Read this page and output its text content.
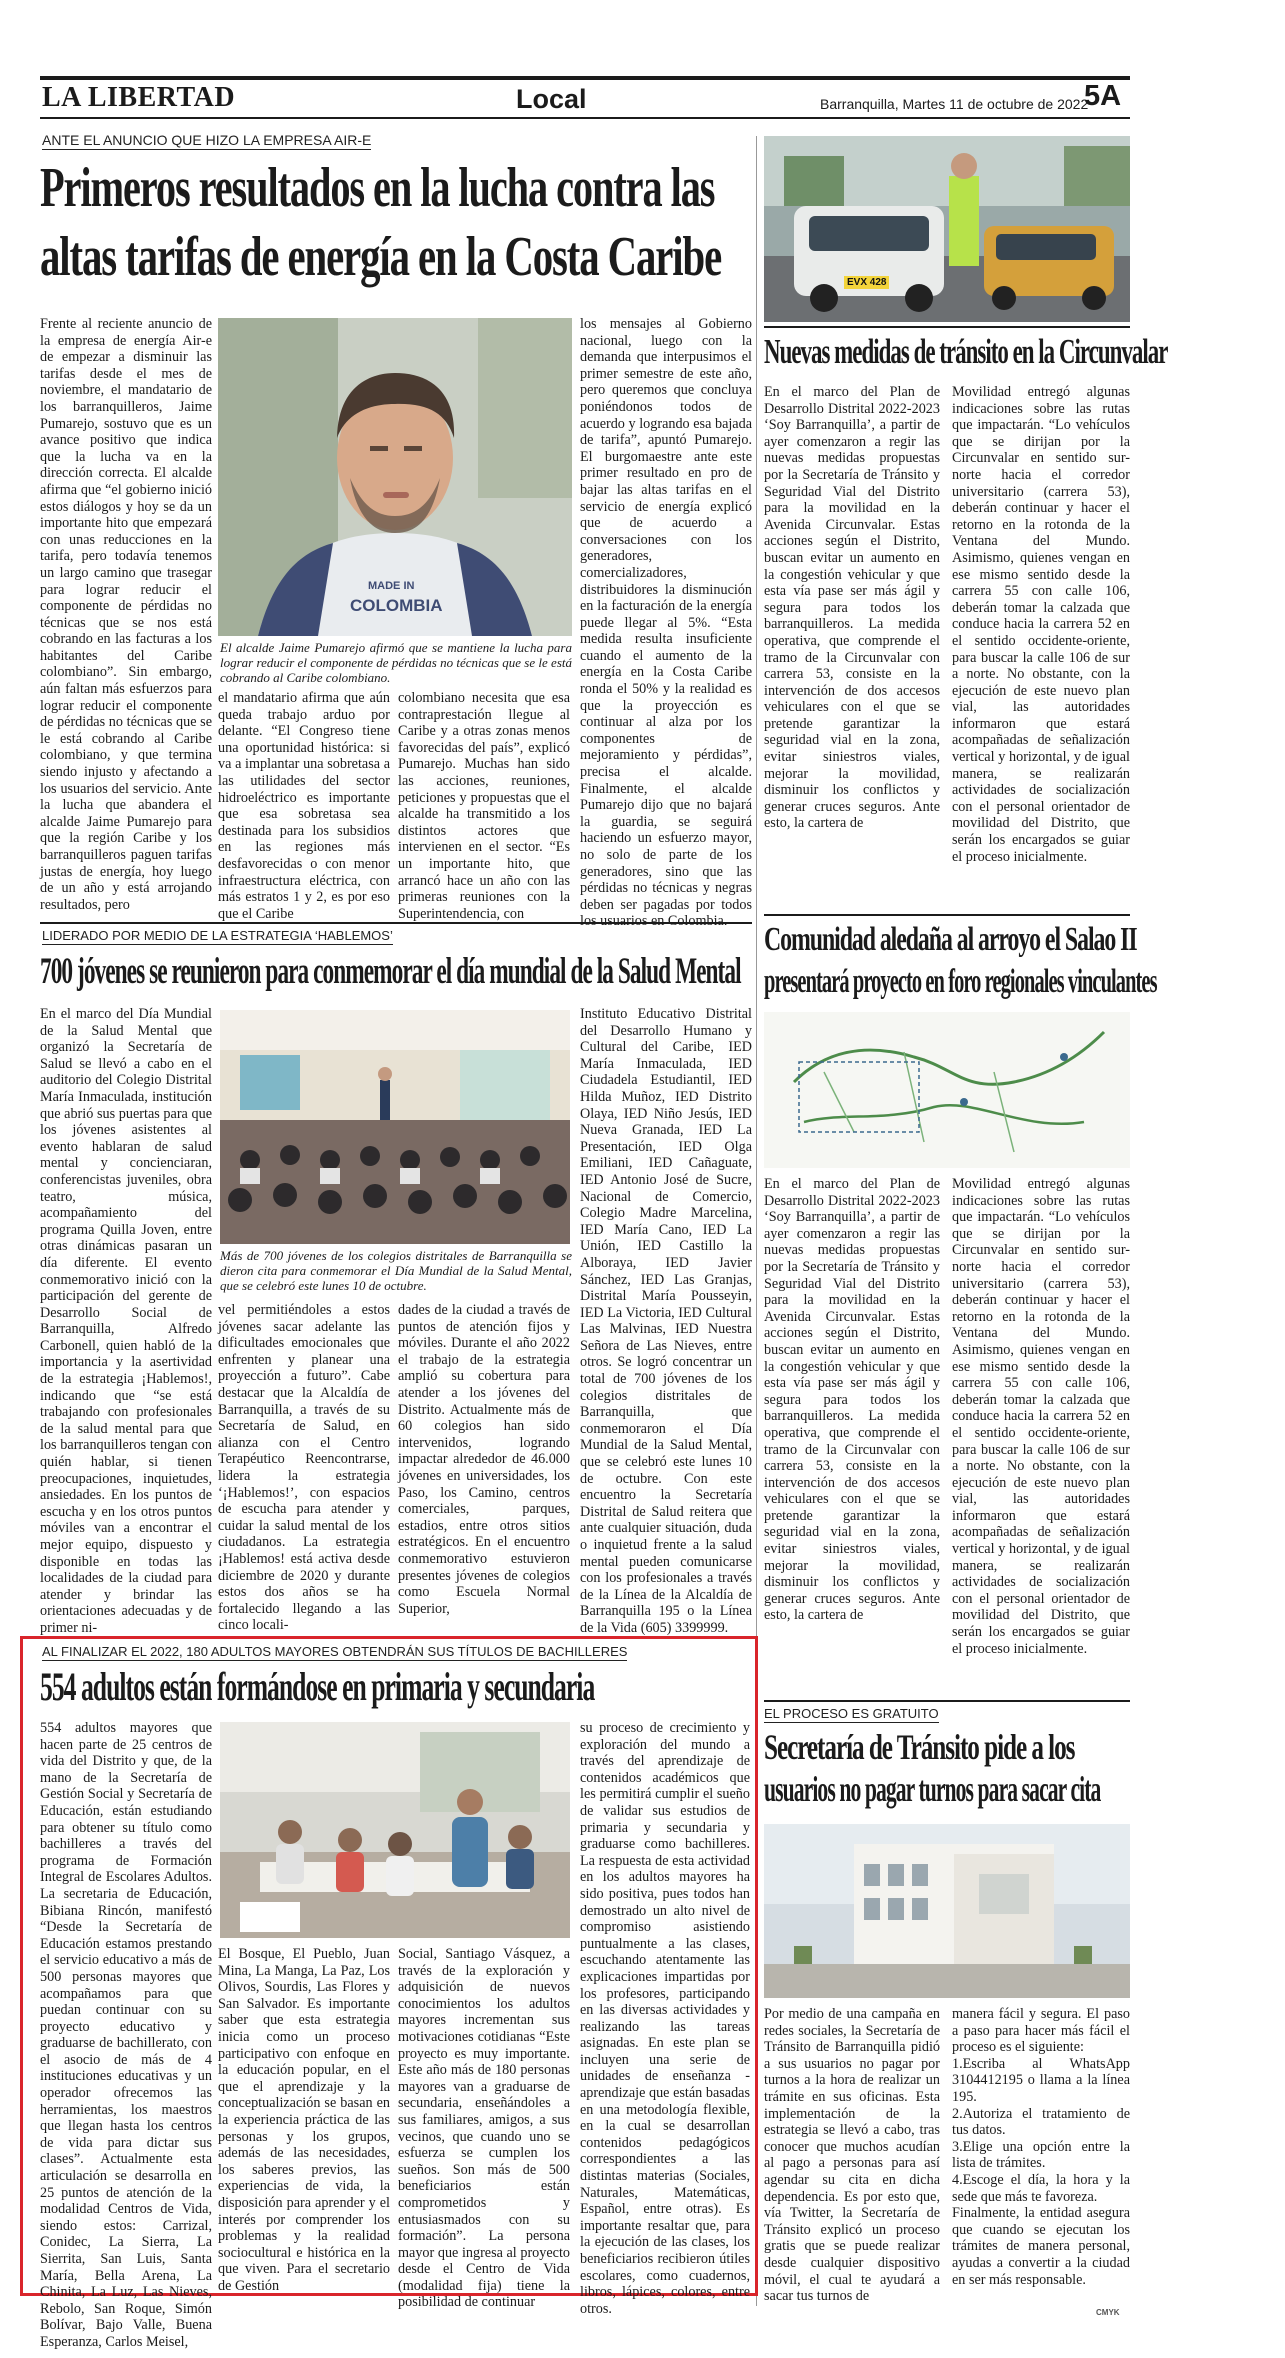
LA LIBERTAD	Local	Barranquilla, Martes 11 de octubre de 2022
5A
ANTE EL ANUNCIO QUE HIZO LA EMPRESA AIR-E
Primeros resultados en la lucha contra las
altas tarifas de energía en la Costa Caribe

Frente al reciente anuncio de la empresa de energía Air-e de empezar a disminuir las tarifas desde el mes de noviembre, el mandatario de los barranquilleros, Jaime Pumarejo, sostuvo que es un avance positivo que indica que la lucha va en la dirección correcta. El alcalde afirma que “el gobierno inició estos diálogos y hoy se da un importante hito que empezará con unas reducciones en la tarifa, pero todavía tenemos un largo camino que trasegar para lograr reducir el componente de pérdidas no técnicas que se nos está cobrando en las facturas a los habitantes del Caribe colombiano”. Sin embargo, aún faltan más esfuerzos para lograr reducir el componente de pérdidas no técnicas que se le está cobrando al Caribe colombiano, y que termina siendo injusto y afectando a los usuarios del servicio. Ante la lucha que abandera el alcalde Jaime Pumarejo para que la región Caribe y los barranquilleros paguen tarifas justas de energía, hoy luego de un año y está arrojando resultados, pero

MADE IN
COLOMBIA

El alcalde Jaime Pumarejo afirmó que se mantiene la lucha para lograr reducir el componente de pérdidas no técnicas que se le está cobrando al Caribe colombiano.

el mandatario afirma que aún queda trabajo arduo por delante. “El Congreso tiene una oportunidad histórica: si va a implantar una sobretasa a las utilidades del sector hidroeléctrico es importante que esa sobretasa sea destinada para los subsidios en las regiones más desfavorecidas o con menor infraestructura eléctrica, con más estratos 1 y 2, es por eso que el Caribe

colombiano necesita que esa contraprestación llegue al Caribe y a otras zonas menos favorecidas del país”, explicó Pumarejo. Muchas han sido las acciones, reuniones, peticiones y propuestas que el alcalde ha transmitido a los distintos actores que intervienen en el sector. “Es un importante hito, que arrancó hace un año con las primeras reuniones con la Superintendencia, con

los mensajes al Gobierno nacional, luego con la demanda que interpusimos el primer semestre de este año, pero queremos que concluya poniéndonos todos de acuerdo y logrando esa bajada de tarifa”, apuntó Pumarejo. El burgomaestre ante este primer resultado en pro de bajar las altas tarifas en el servicio de energía explicó que de acuerdo a conversaciones con los generadores, comercializadores, distribuidores la disminución en la facturación de la energía puede llegar al 5%. “Esta medida resulta insuficiente cuando el aumento de la energía en la Costa Caribe ronda el 50% y la realidad es que la proyección es continuar al alza por los componentes de mejoramiento y pérdidas”, precisa el alcalde. Finalmente, el alcalde Pumarejo dijo que no bajará la guardia, se seguirá haciendo un esfuerzo mayor, no solo de parte de los generadores, sino que las pérdidas no técnicas y negras deben ser pagadas por todos

EVX 428
Nuevas medidas de tránsito en la Circunvalar

En el marco del Plan de Desarrollo Distrital 2022-2023 ‘Soy Barranquilla’, a partir de ayer comenzaron a regir las nuevas medidas propuestas por la Secretaría de Tránsito y Seguridad Vial del Distrito para la movilidad en la Avenida Circunvalar. Estas acciones según el Distrito, buscan evitar un aumento en la congestión vehicular y que esta vía pase ser más ágil y segura para todos los barranquilleros. La medida operativa, que comprende el tramo de la Circunvalar con carrera 53, consiste en la intervención de dos accesos vehiculares con el que se pretende garantizar la seguridad vial en la zona, evitar siniestros viales, mejorar la movilidad, disminuir los conflictos y generar cruces seguros. Ante esto, la cartera de

Movilidad entregó algunas indicaciones sobre las rutas que impactarán. “Lo vehículos que se dirijan por la Circunvalar en sentido sur-norte hacia el corredor universitario (carrera 53), deberán continuar y hacer el retorno en la rotonda de la Ventana del Mundo. Asimismo, quienes vengan en ese mismo sentido desde la carrera 55 con calle 106, deberán tomar la calzada que conduce hacia la carrera 52 en el sentido occidente-oriente, para buscar la calle 106 de sur a norte. No obstante, con la ejecución de este nuevo plan vial, las autoridades informaron que estará acompañadas de señalización vertical y horizontal, y de igual manera, se realizarán actividades de socialización con el personal orientador de movilidad del Distrito, que serán los encargados se guiar el proceso inicialmente.

LIDERADO POR MEDIO DE LA ESTRATEGIA ‘HABLEMOS’
700 jóvenes se reunieron para conmemorar el día mundial de la Salud Mental

En el marco del Día Mundial de la Salud Mental que organizó la Secretaría de Salud se llevó a cabo en el auditorio del Colegio Distrital María Inmaculada, institución que abrió sus puertas para que los jóvenes asistentes al evento hablaran de salud mental y concienciaran, conferencistas juveniles, obra teatro, música, acompañamiento del programa Quilla Joven, entre otras dinámicas pasaran un día diferente. El evento conmemorativo inició con la participación del gerente de Desarrollo Social de Barranquilla, Alfredo Carbonell, quien habló de la importancia y la asertividad de la estrategia ¡Hablemos!, indicando que “se está trabajando con profesionales de la salud mental para que los barranquilleros tengan con quién hablar, si tienen preocupaciones, inquietudes, ansiedades. En los puntos de escucha y en los otros puntos móviles van a encontrar el mejor equipo, dispuesto y disponible en todas las localidades de la ciudad para atender y brindar las orientaciones adecuadas y de primer ni-

Más de 700 jóvenes de los colegios distritales de Barranquilla se dieron cita para conmemorar el Día Mundial de la Salud Mental, que se celebró este lunes 10 de octubre.

vel permitiéndoles a estos jóvenes sacar adelante las dificultades emocionales que enfrenten y planear una proyección a futuro”. Cabe destacar que la Alcaldía de Barranquilla, a través de su Secretaría de Salud, en alianza con el Centro Terapéutico Reencontrarse, lidera la estrategia ‘¡Hablemos!’, con espacios de escucha para atender y cuidar la salud mental de los ciudadanos. La estrategia ¡Hablemos! está activa desde diciembre de 2020 y durante estos dos años se ha fortalecido llegando a las cinco locali-

dades de la ciudad a través de puntos de atención fijos y móviles. Durante el año 2022 el trabajo de la estrategia amplió su cobertura para atender a los jóvenes del Distrito. Actualmente más de 60 colegios han sido intervenidos, logrando impactar alrededor de 46.000 jóvenes en universidades, los Paso, los Camino, centros comerciales, parques, estadios, entre otros sitios estratégicos. En el encuentro conmemorativo estuvieron presentes jóvenes de colegios como Escuela Normal Superior,

Instituto Educativo Distrital del Desarrollo Humano y Cultural del Caribe, IED María Inmaculada, IED Ciudadela Estudiantil, IED Hilda Muñoz, IED Distrito Olaya, IED Niño Jesús, IED Nueva Granada, IED La Presentación, IED Olga Emiliani, IED Cañaguate, IED Antonio José de Sucre, Nacional de Comercio, Colegio Madre Marcelina, IED María Cano, IED La Unión, IED Castillo la Alboraya, IED Javier Sánchez, IED Las Granjas, Distrital María Pousseyin, IED La Victoria, IED Cultural Las Malvinas, IED Nuestra Señora de Las Nieves, entre otros. Se logró concentrar un total de 700 jóvenes de los colegios distritales de Barranquilla, que conmemoraron el Día Mundial de la Salud Mental, que se celebró este lunes 10 de octubre. Con este encuentro la Secretaría Distrital de Salud reitera que ante cualquier situación, duda o inquietud frente a la salud mental pueden comunicarse con los profesionales a través de la Línea de la Alcaldía de Barranquilla 195 o la Línea de la Vida (605) 3399999.

Comunidad aledaña al arroyo el Salao II
presentará proyecto en foro regionales vinculantes

En el marco del Plan de Desarrollo Distrital 2022-2023 ‘Soy Barranquilla’, a partir de ayer comenzaron a regir las nuevas medidas propuestas por la Secretaría de Tránsito y Seguridad Vial del Distrito para la movilidad en la Avenida Circunvalar. Estas acciones según el Distrito, buscan evitar un aumento en la congestión vehicular y que esta vía pase ser más ágil y segura para todos los barranquilleros. La medida operativa, que comprende el tramo de la Circunvalar con carrera 53, consiste en la intervención de dos accesos vehiculares con el que se pretende garantizar la seguridad vial en la zona, evitar siniestros viales, mejorar la movilidad, disminuir los conflictos y generar cruces seguros. Ante esto, la cartera de

Movilidad entregó algunas indicaciones sobre las rutas que impactarán. “Lo vehículos que se dirijan por la Circunvalar en sentido sur-norte hacia el corredor universitario (carrera 53), deberán continuar y hacer el retorno en la rotonda de la Ventana del Mundo. Asimismo, quienes vengan en ese mismo sentido desde la carrera 55 con calle 106, deberán tomar la calzada que conduce hacia la carrera 52 en el sentido occidente-oriente, para buscar la calle 106 de sur a norte. No obstante, con la ejecución de este nuevo plan vial, las autoridades informaron que estará acompañadas de señalización vertical y horizontal, y de igual manera, se realizarán actividades de socialización con el personal orientador de movilidad del Distrito, que serán los encargados se guiar el proceso inicialmente.

AL FINALIZAR EL 2022, 180 ADULTOS MAYORES OBTENDRÁN SUS TÍTULOS DE BACHILLERES
554 adultos están formándose en primaria y secundaria

554 adultos mayores que hacen parte de 25 centros de vida del Distrito y que, de la mano de la Secretaría de Gestión Social y Secretaría de Educación, están estudiando para obtener su título como bachilleres a través del programa de Formación Integral de Escolares Adultos. La secretaria de Educación, Bibiana Rincón, manifestó “Desde la Secretaría de Educación estamos prestando el servicio educativo a más de 500 personas mayores que acompañamos para que puedan continuar con su proyecto educativo y graduarse de bachillerato, con el asocio de más de 4 instituciones educativas y un operador ofrecemos las herramientas, los maestros que llegan hasta los centros de vida para dictar sus clases”. Actualmente esta articulación se desarrolla en 25 puntos de atención de la modalidad Centros de Vida, siendo estos: Carrizal, Conidec, La Sierra, La Sierrita, San Luis, Santa María, Bella Arena, La Chinita, La Luz, Las Nieves, Rebolo, San Roque, Simón Bolívar, Bajo Valle, Buena Esperanza, Carlos Meisel,

El Bosque, El Pueblo, Juan Mina, La Manga, La Paz, Los Olivos, Sourdis, Las Flores y San Salvador. Es importante saber que esta estrategia inicia como un proceso participativo con enfoque en la educación popular, en el que el aprendizaje y la conceptualización se basan en la experiencia práctica de las personas y los grupos, además de las necesidades, los saberes previos, las experiencias de vida, la disposición para aprender y el interés por comprender los problemas y la realidad sociocultural e histórica en la que viven. Para el secretario de Gestión

Social, Santiago Vásquez, a través de la exploración y adquisición de nuevos conocimientos los adultos mayores incrementan sus motivaciones cotidianas “Este proyecto es muy importante. Este año más de 180 personas mayores van a graduarse de secundaria, enseñándoles a sus familiares, amigos, a sus vecinos, que cuando uno se esfuerza se cumplen los sueños. Son más de 500 beneficiarios están comprometidos y entusiasmados con su formación”. La persona mayor que ingresa al proyecto desde el Centro de Vida (modalidad fija) tiene la posibilidad de continuar

su proceso de crecimiento y exploración del mundo a través del aprendizaje de contenidos académicos que les permitirá cumplir el sueño de validar sus estudios de primaria y secundaria y graduarse como bachilleres. La respuesta de esta actividad en los adultos mayores ha sido positiva, pues todos han demostrado un alto nivel de compromiso asistiendo puntualmente a las clases, escuchando atentamente las explicaciones impartidas por los profesores, participando en las diversas actividades y realizando las tareas asignadas. En este plan se incluyen una serie de unidades de enseñanza - aprendizaje que están basadas en una metodología flexible, en la cual se desarrollan contenidos pedagógicos correspondientes a las distintas materias (Sociales, Naturales, Matemáticas, Español, entre otras). Es importante resaltar que, para la ejecución de las clases, los beneficiarios recibieron útiles escolares, como cuadernos, libros, lápices, colores, entre otros.

EL PROCESO ES GRATUITO
Secretaría de Tránsito pide a los
usuarios no pagar turnos para sacar cita

Por medio de una campaña en redes sociales, la Secretaría de Tránsito de Barranquilla pidió a sus usuarios no pagar por turnos a la hora de realizar un trámite en sus oficinas. Esta implementación de la estrategia se llevó a cabo, tras conocer que muchos acudían al pago a personas para así agendar su cita en dicha dependencia. Es por esto que, vía Twitter, la Secretaría de Tránsito explicó un proceso gratis que se puede realizar desde cualquier dispositivo móvil, el cual te ayudará a sacar tus turnos de

manera fácil y segura. El paso a paso para hacer más fácil el proceso es el siguiente:

1.Escriba al WhatsApp 3104412195 o llama a la línea 195.

2.Autoriza el tratamiento de tus datos.

3.Elige una opción entre la lista de trámites.

4.Escoge el día, la hora y la sede que más te favoreza.

Finalmente, la entidad asegura que cuando se ejecutan los trámites de manera personal, ayudas a convertir a la ciudad en ser más responsable.

CMYK
